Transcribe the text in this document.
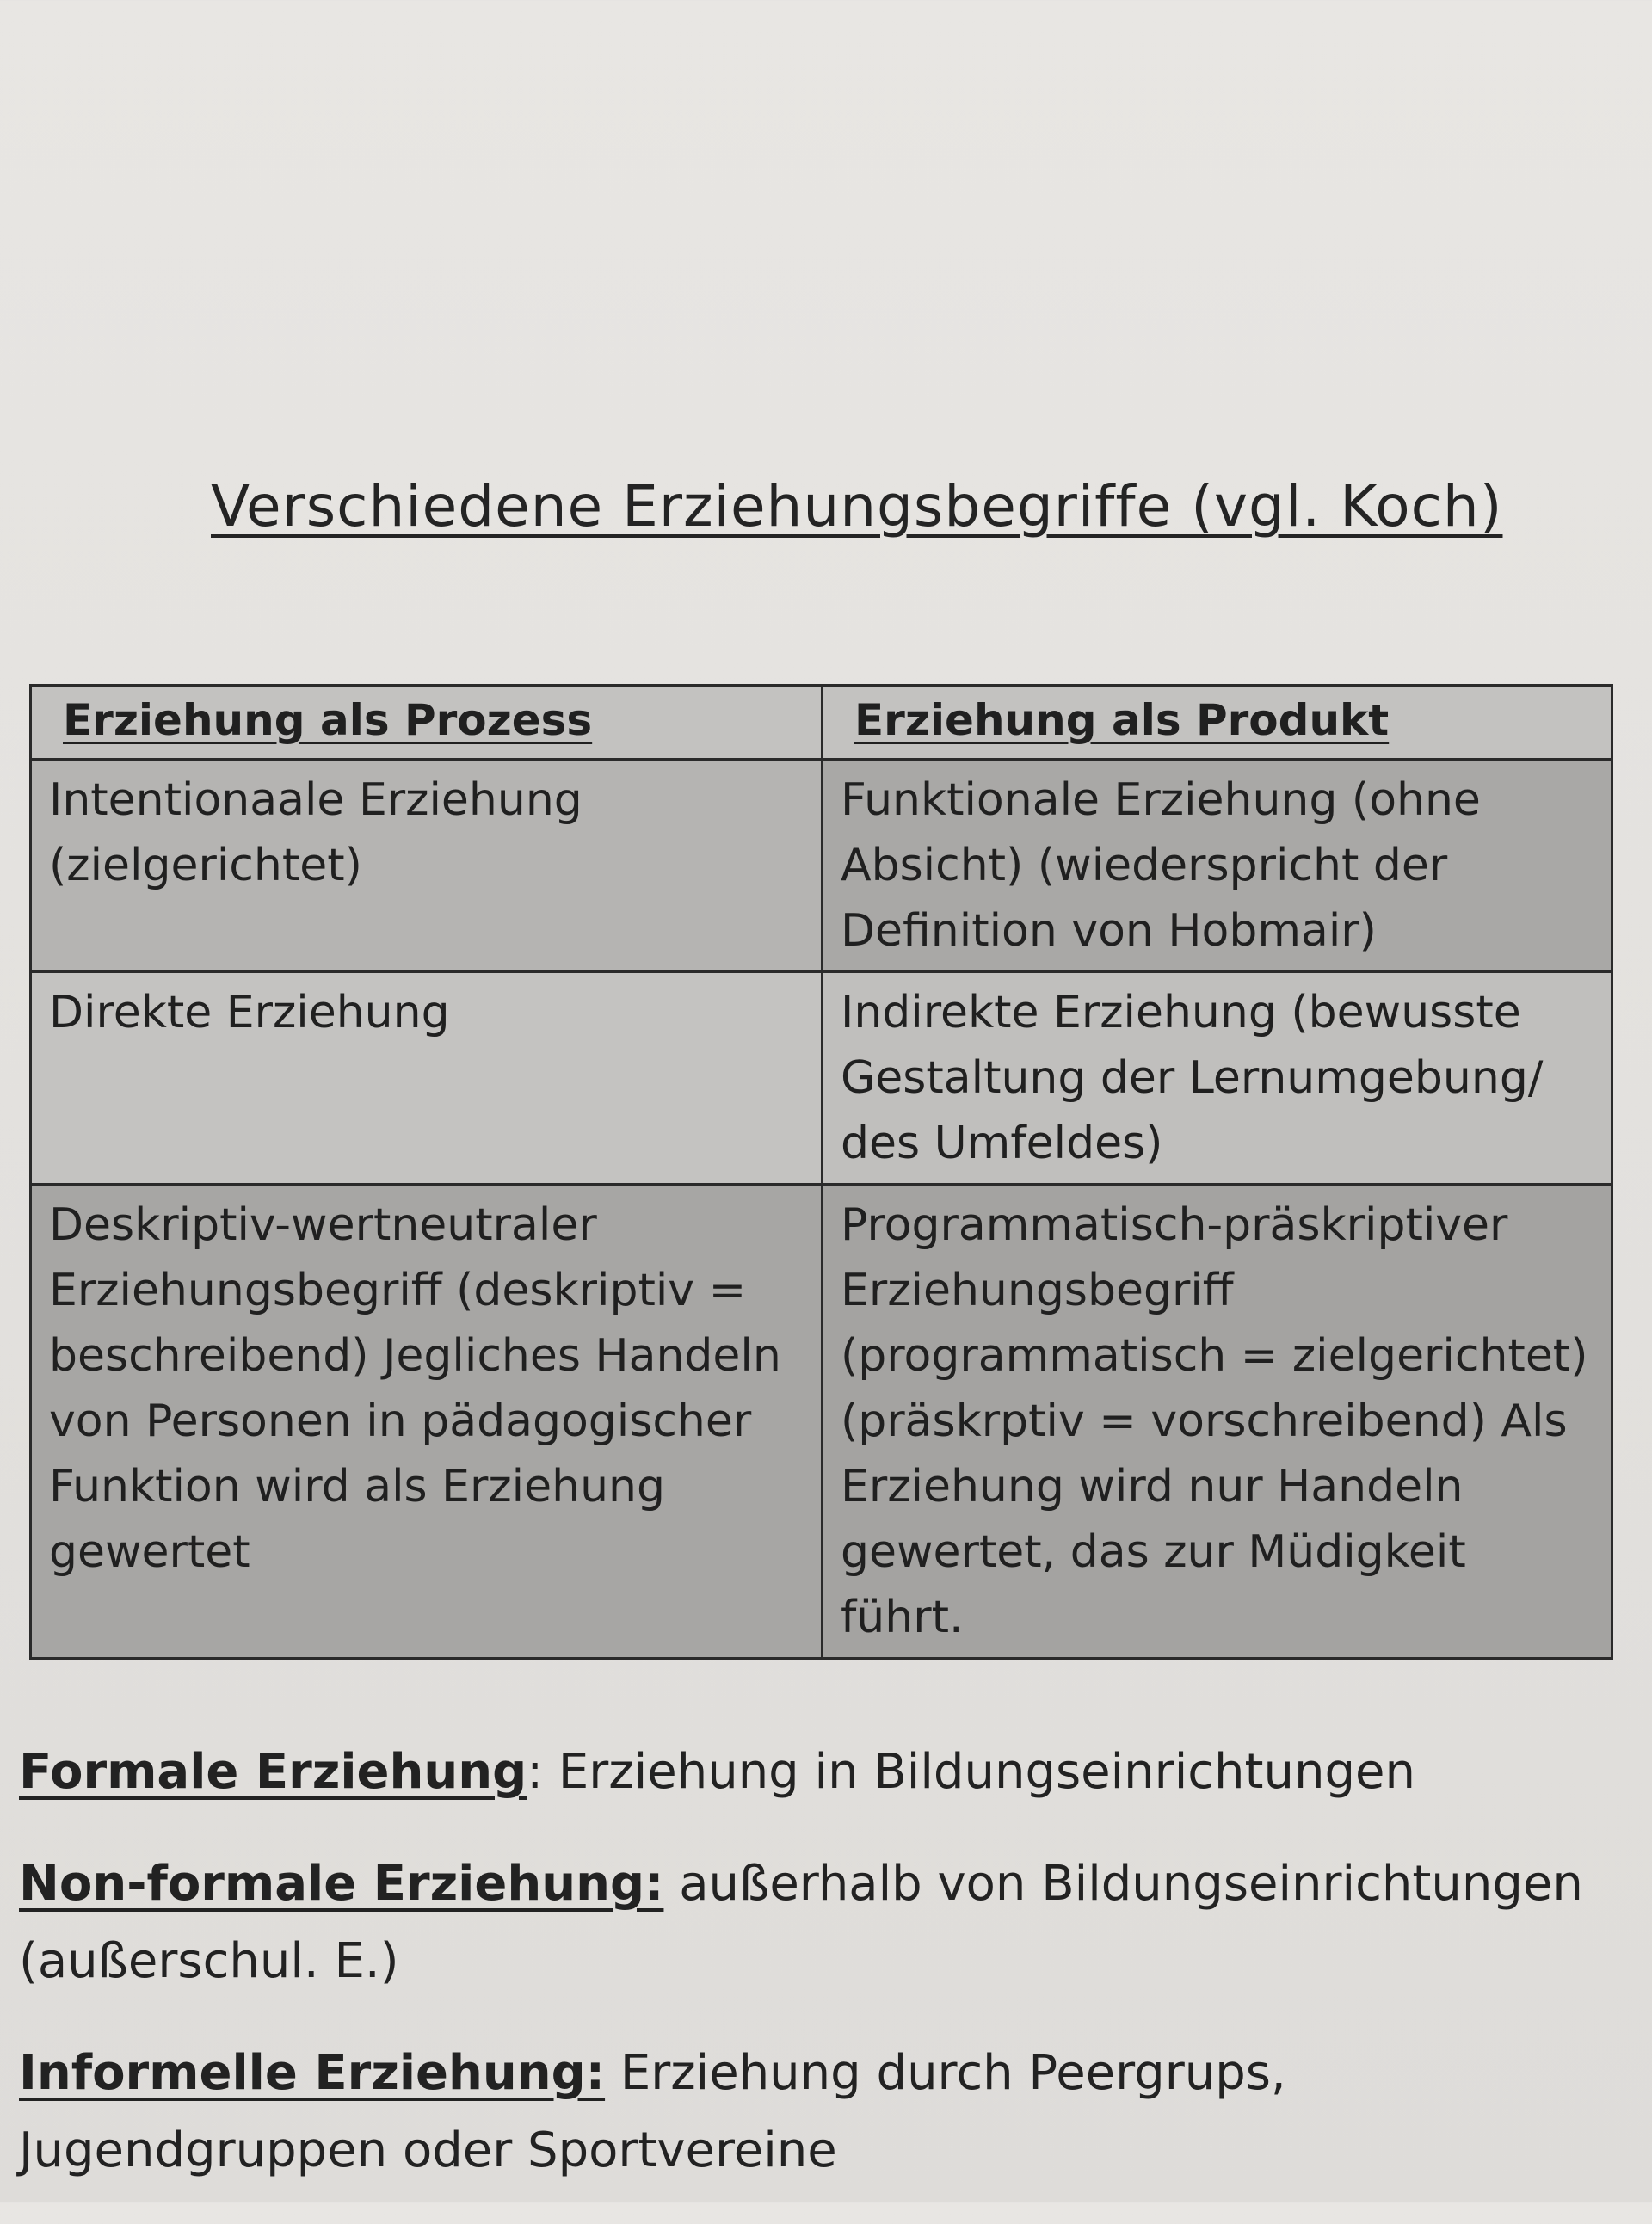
Verschiedene Erziehungsbegriffe (vgl. Koch)
Erziehung als Prozess	Erziehung als Produkt
Intentionaale Erziehung (zielgerichtet)	Funktionale Erziehung (ohne Absicht) (wiederspricht der Definition von Hobmair)
Direkte Erziehung	Indirekte Erziehung (bewusste Gestaltung der Lernumgebung/ des Umfeldes)
Deskriptiv-wertneutraler Erziehungsbegriff (deskriptiv = beschreibend) Jegliches Handeln von Personen in pädagogischer Funktion wird als Erziehung gewertet	Programmatisch-präskriptiver Erziehungsbegriff (programmatisch = zielgerichtet) (präskrptiv = vorschreibend) Als Erziehung wird nur Handeln gewertet, das zur Müdigkeit führt.

Formale Erziehung: Erziehung in Bildungseinrichtungen

Non-formale Erziehung: außerhalb von Bildungseinrichtungen (außerschul. E.)

Informelle Erziehung: Erziehung durch Peergrups, Jugendgruppen oder Sportvereine
